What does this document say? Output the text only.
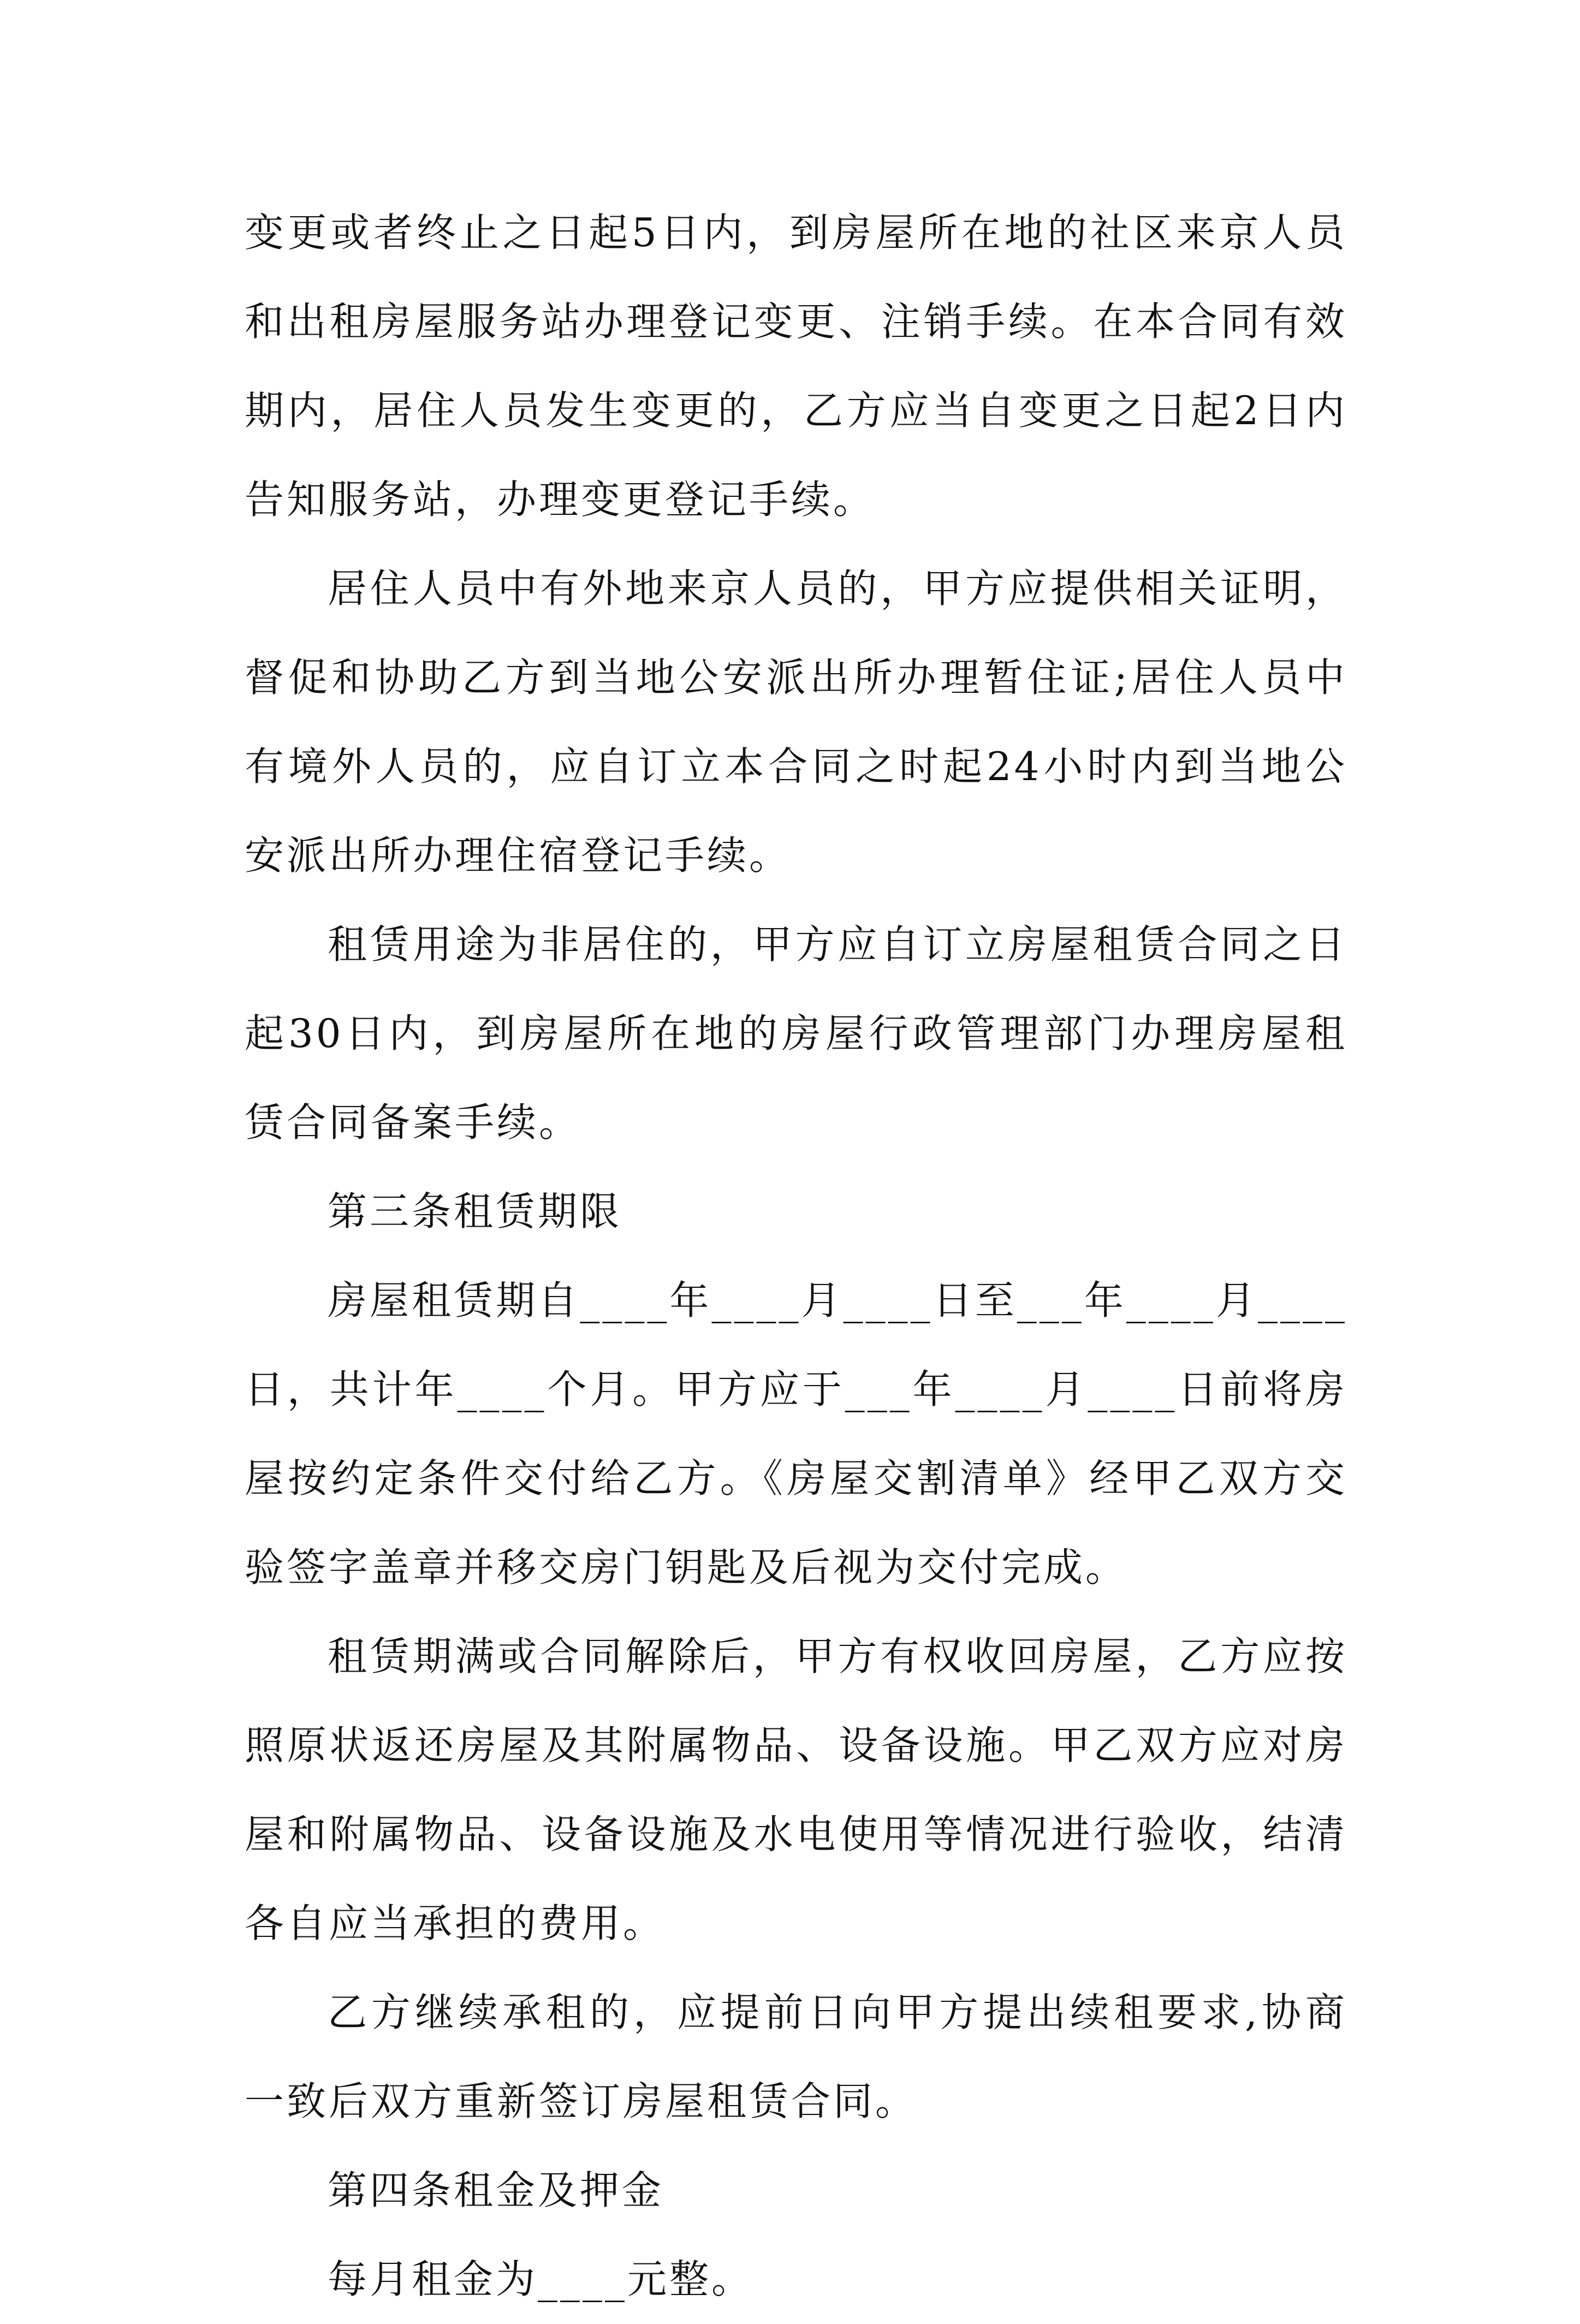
变更或者终止之日起5日内，到房屋所在地的社区来京人员和出租房屋服务站办理登记变更、注销手续。在本合同有效期内，居住人员发生变更的，乙方应当自变更之日起2日内告知服务站，办理变更登记手续。

居住人员中有外地来京人员的，甲方应提供相关证明，督促和协助乙方到当地公安派出所办理暂住证;居住人员中有境外人员的，应自订立本合同之时起24小时内到当地公安派出所办理住宿登记手续。

租赁用途为非居住的，甲方应自订立房屋租赁合同之日起30日内，到房屋所在地的房屋行政管理部门办理房屋租赁合同备案手续。

第三条租赁期限

房屋租赁期自____年____月____日至___年____月____日，共计年____个月。甲方应于___年____月____日前将房屋按约定条件交付给乙方。《房屋交割清单》经甲乙双方交验签字盖章并移交房门钥匙及后视为交付完成。

租赁期满或合同解除后，甲方有权收回房屋，乙方应按照原状返还房屋及其附属物品、设备设施。甲乙双方应对房屋和附属物品、设备设施及水电使用等情况进行验收，结清各自应当承担的费用。

乙方继续承租的，应提前日向甲方提出续租要求,协商一致后双方重新签订房屋租赁合同。

第四条租金及押金

每月租金为____元整。
